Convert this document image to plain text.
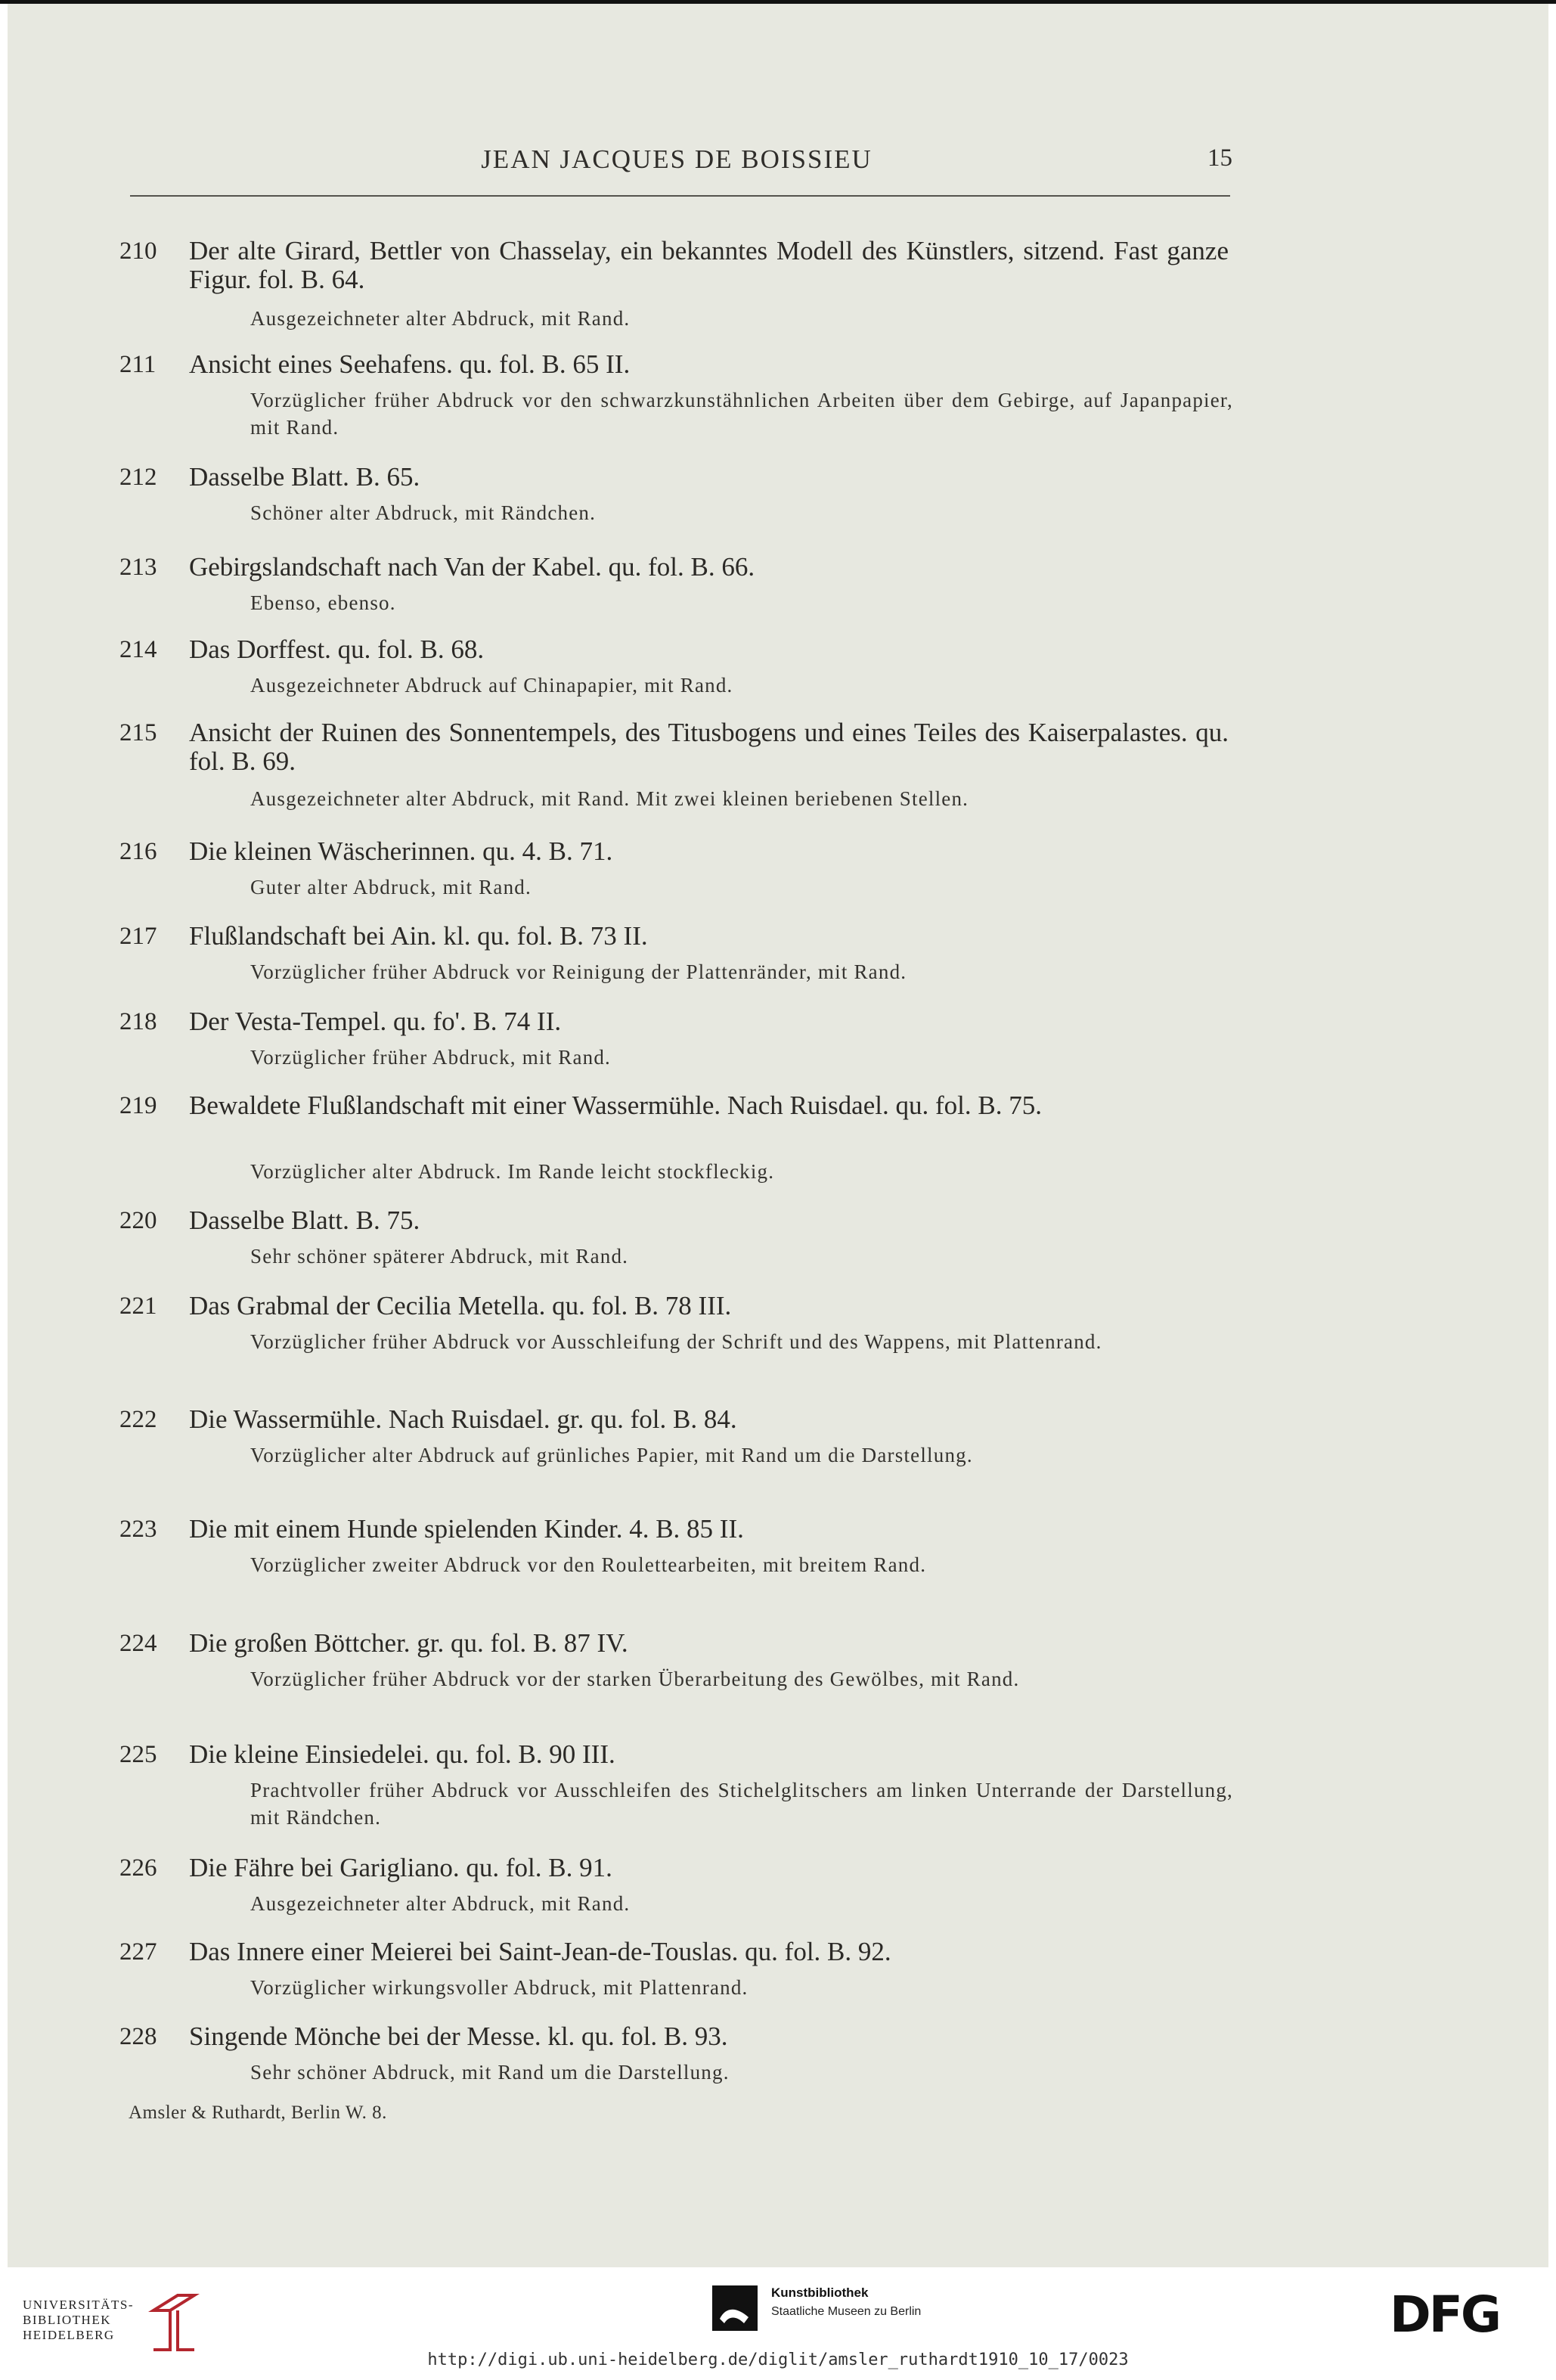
JEAN JACQUES DE BOISSIEU	15
210	Der alte Girard, Bettler von Chasselay, ein bekanntes Modell des Künstlers, sitzend. Fast ganze Figur. fol. B. 64.
Ausgezeichneter alter Abdruck, mit Rand.
211	Ansicht eines Seehafens. qu. fol. B. 65 II.
Vorzüglicher früher Abdruck vor den schwarzkunstähnlichen Arbeiten über dem Gebirge, auf Japanpapier, mit Rand.
212	Dasselbe Blatt. B. 65.
Schöner alter Abdruck, mit Rändchen.
213	Gebirgslandschaft nach Van der Kabel. qu. fol. B. 66.
Ebenso, ebenso.
214	Das Dorffest. qu. fol. B. 68.
Ausgezeichneter Abdruck auf Chinapapier, mit Rand.
215	Ansicht der Ruinen des Sonnentempels, des Titusbogens und eines Teiles des Kaiserpalastes. qu. fol. B. 69.
Ausgezeichneter alter Abdruck, mit Rand. Mit zwei kleinen beriebenen Stellen.
216	Die kleinen Wäscherinnen. qu. 4. B. 71.
Guter alter Abdruck, mit Rand.
217	Flußlandschaft bei Ain. kl. qu. fol. B. 73 II.
Vorzüglicher früher Abdruck vor Reinigung der Plattenränder, mit Rand.
218	Der Vesta-Tempel. qu. fo'. B. 74 II.
Vorzüglicher früher Abdruck, mit Rand.
219	Bewaldete Flußlandschaft mit einer Wassermühle. Nach Ruisdael. qu. fol. B. 75.
Vorzüglicher alter Abdruck. Im Rande leicht stockfleckig.
220	Dasselbe Blatt. B. 75.
Sehr schöner späterer Abdruck, mit Rand.
221	Das Grabmal der Cecilia Metella. qu. fol. B. 78 III.
Vorzüglicher früher Abdruck vor Ausschleifung der Schrift und des Wappens, mit Plattenrand.
222	Die Wassermühle. Nach Ruisdael. gr. qu. fol. B. 84.
Vorzüglicher alter Abdruck auf grünliches Papier, mit Rand um die Darstellung.
223	Die mit einem Hunde spielenden Kinder. 4. B. 85 II.
Vorzüglicher zweiter Abdruck vor den Roulettearbeiten, mit breitem Rand.
224	Die großen Böttcher. gr. qu. fol. B. 87 IV.
Vorzüglicher früher Abdruck vor der starken Überarbeitung des Gewölbes, mit Rand.
225	Die kleine Einsiedelei. qu. fol. B. 90 III.
Prachtvoller früher Abdruck vor Ausschleifen des Stichelglitschers am linken Unterrande der Darstellung, mit Rändchen.
226	Die Fähre bei Garigliano. qu. fol. B. 91.
Ausgezeichneter alter Abdruck, mit Rand.
227	Das Innere einer Meierei bei Saint-Jean-de-Touslas. qu. fol. B. 92.
Vorzüglicher wirkungsvoller Abdruck, mit Plattenrand.
228	Singende Mönche bei der Messe. kl. qu. fol. B. 93.
Sehr schöner Abdruck, mit Rand um die Darstellung.
Amsler & Ruthardt, Berlin W. 8.
UNIVERSITÄTS-
BIBLIOTHEK
HEIDELBERG
Kunstbibliothek
Staatliche Museen zu Berlin	DFG
http://digi.ub.uni-heidelberg.de/diglit/amsler_ruthardt1910_10_17/0023
